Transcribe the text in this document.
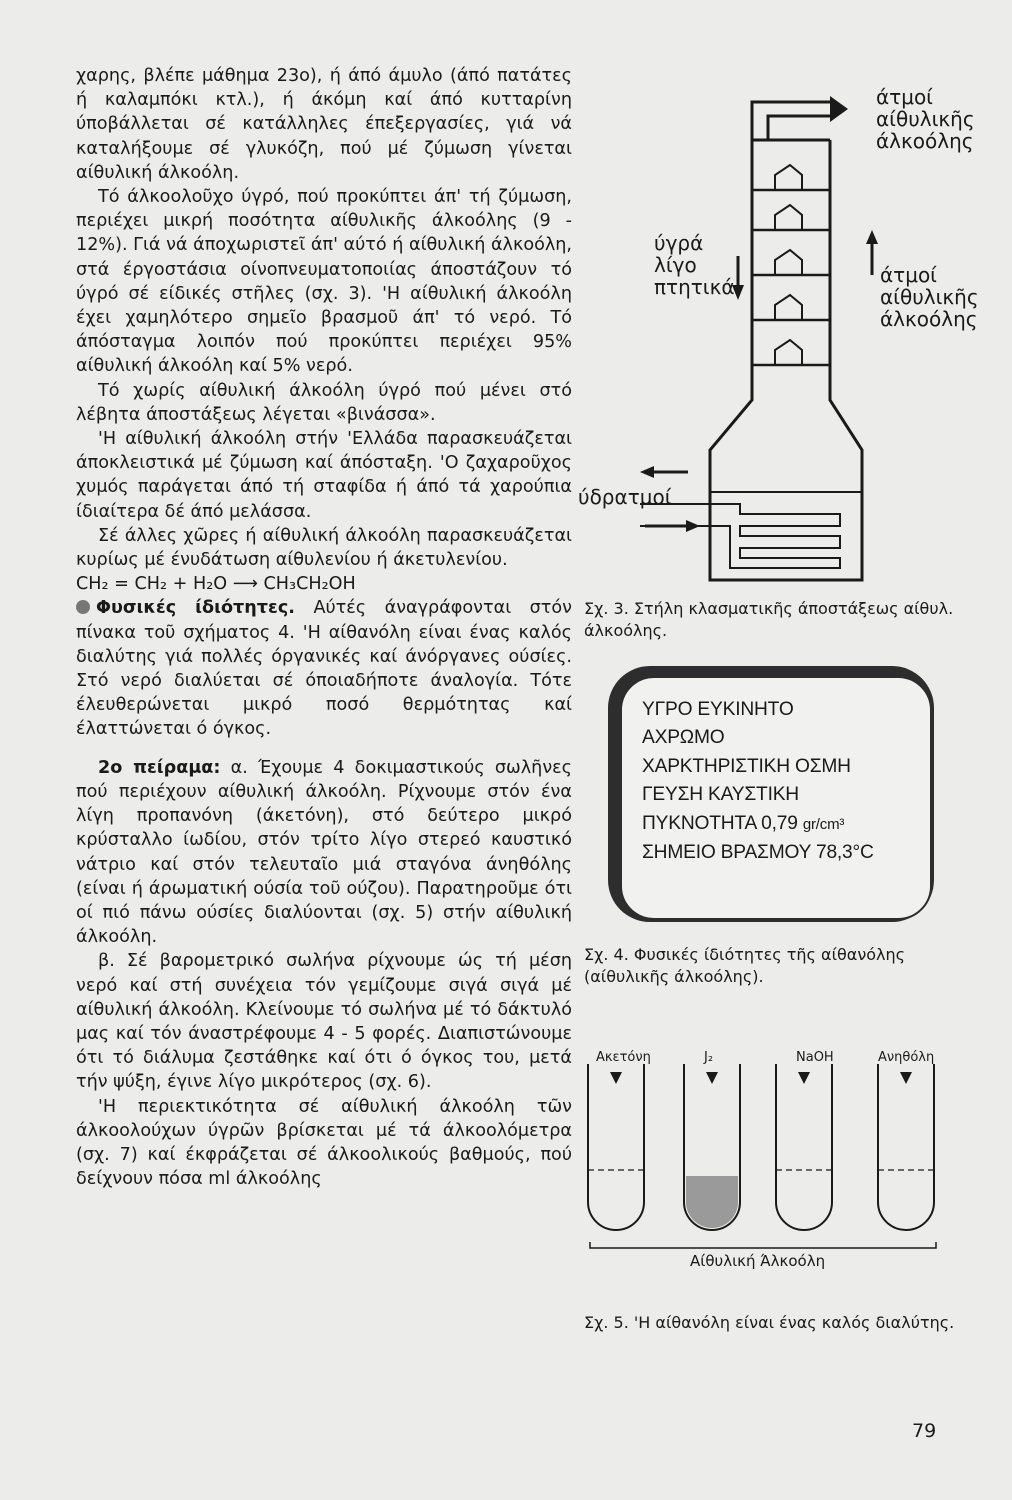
χαρης, βλέπε μάθημα 23ο), ή άπό άμυλο (άπό πατάτες ή καλαμπόκι κτλ.), ή άκόμη καί άπό κυτταρίνη ύποβάλλεται σέ κατάλληλες έπεξεργασίες, γιά νά καταλήξουμε σέ γλυκόζη, πού μέ ζύμωση γίνεται αίθυλική άλκοόλη.

Τό άλκοολοῦχο ύγρό, πού προκύπτει άπ' τή ζύμωση, περιέχει μικρή ποσότητα αίθυλικῆς άλκοόλης (9 - 12%). Γιά νά άποχωριστεῖ άπ' αύτό ή αίθυλική άλκοόλη, στά έργοστάσια οίνοπνευματοποιίας άποστάζουν τό ύγρό σέ είδικές στῆλες (σχ. 3). 'Η αίθυλική άλκοόλη έχει χαμηλότερο σημεῖο βρασμοῦ άπ' τό νερό. Τό άπόσταγμα λοιπόν πού προκύπτει περιέχει 95% αίθυλική άλκοόλη καί 5% νερό.

Τό χωρίς αίθυλική άλκοόλη ύγρό πού μένει στό λέβητα άποστάξεως λέγεται «βινάσσα».

'Η αίθυλική άλκοόλη στήν 'Ελλάδα παρασκευάζεται άποκλειστικά μέ ζύμωση καί άπόσταξη. 'Ο ζαχαροῦχος χυμός παράγεται άπό τή σταφίδα ή άπό τά χαρούπια ίδιαίτερα δέ άπό μελάσσα.

Σέ άλλες χῶρες ή αίθυλική άλκοόλη παρασκευάζεται κυρίως μέ ένυδάτωση αίθυλενίου ή άκετυλενίου.

CH₂ = CH₂ + H₂O ⟶ CH₃CH₂OH

Φυσικές ίδιότητες. Αύτές άναγράφονται στόν πίνακα τοῦ σχήματος 4. 'Η αίθανόλη είναι ένας καλός διαλύτης γιά πολλές όργανικές καί άνόργανες ούσίες. Στό νερό διαλύεται σέ όποιαδήποτε άναλογία. Τότε έλευθερώνεται μικρό ποσό θερμότητας καί έλαττώνεται ό όγκος.

2ο πείραμα: α. Έχουμε 4 δοκιμαστικούς σωλῆνες πού περιέχουν αίθυλική άλκοόλη. Ρίχνουμε στόν ένα λίγη προπανόνη (άκετόνη), στό δεύτερο μικρό κρύσταλλο ίωδίου, στόν τρίτο λίγο στερεό καυστικό νάτριο καί στόν τελευταῖο μιά σταγόνα άνηθόλης (είναι ή άρωματική ούσία τοῦ ούζου). Παρατηροῦμε ότι οί πιό πάνω ούσίες διαλύονται (σχ. 5) στήν αίθυλική άλκοόλη.

β. Σέ βαρομετρικό σωλήνα ρίχνουμε ώς τή μέση νερό καί στή συνέχεια τόν γεμίζουμε σιγά σιγά μέ αίθυλική άλκοόλη. Κλείνουμε τό σωλήνα μέ τό δάκτυλό μας καί τόν άναστρέφουμε 4 - 5 φορές. Διαπιστώνουμε ότι τό διάλυμα ζεστάθηκε καί ότι ό όγκος του, μετά τήν ψύξη, έγινε λίγο μικρότερος (σχ. 6).

'Η περιεκτικότητα σέ αίθυλική άλκοόλη τῶν άλκοολούχων ύγρῶν βρίσκεται μέ τά άλκοολόμετρα (σχ. 7) καί έκφράζεται σέ άλκοολικούς βαθμούς, πού δείχνουν πόσα ml άλκοόλης

άτμοί
αίθυλικῆς
άλκοόλης
ύγρά
λίγο
πτητικά	άτμοί
αίθυλικῆς
άλκοόλης
ύδρατμοί
Σχ. 3. Στήλη κλασματικῆς άποστάξεως αίθυλ. άλκοόλης.
ΥΓΡΟ ΕΥΚΙΝΗΤΟ
ΑΧΡΩΜΟ
ΧΑΡΚΤΗΡΙΣΤΙΚΗ ΟΣΜΗ
ΓΕΥΣΗ ΚΑΥΣΤΙΚΗ
ΠΥΚΝΟΤΗΤΑ 0,79 gr/cm³
ΣΗΜΕΙΟ ΒΡΑΣΜΟΥ 78,3°C
Σχ. 4. Φυσικές ίδιότητες τῆς αίθανόλης (αίθυλικῆς άλκοόλης).
Ακετόνη	J₂	NaOH	Ανηθόλη
Αίθυλική Άλκοόλη
Σχ. 5. 'Η αίθανόλη είναι ένας καλός διαλύτης.
79
